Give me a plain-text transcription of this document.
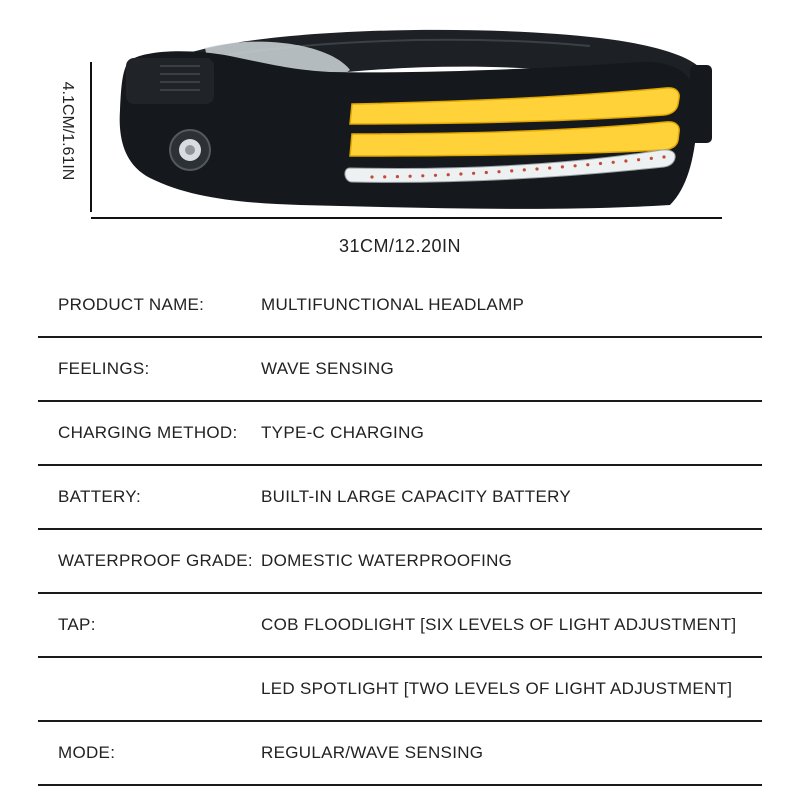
31CM/12.20IN
4.1CM/1.61IN
PRODUCT NAME:	MULTIFUNCTIONAL HEADLAMP
FEELINGS:	WAVE SENSING
CHARGING METHOD: TYPE-C CHARGING
BATTERY:	BUILT-IN LARGE CAPACITY BATTERY
WATERPROOF GRADE: DOMESTIC WATERPROOFING
TAP:	COB FLOODLIGHT [SIX LEVELS OF LIGHT ADJUSTMENT]
LED SPOTLIGHT [TWO LEVELS OF LIGHT ADJUSTMENT]
MODE:	REGULAR/WAVE SENSING
